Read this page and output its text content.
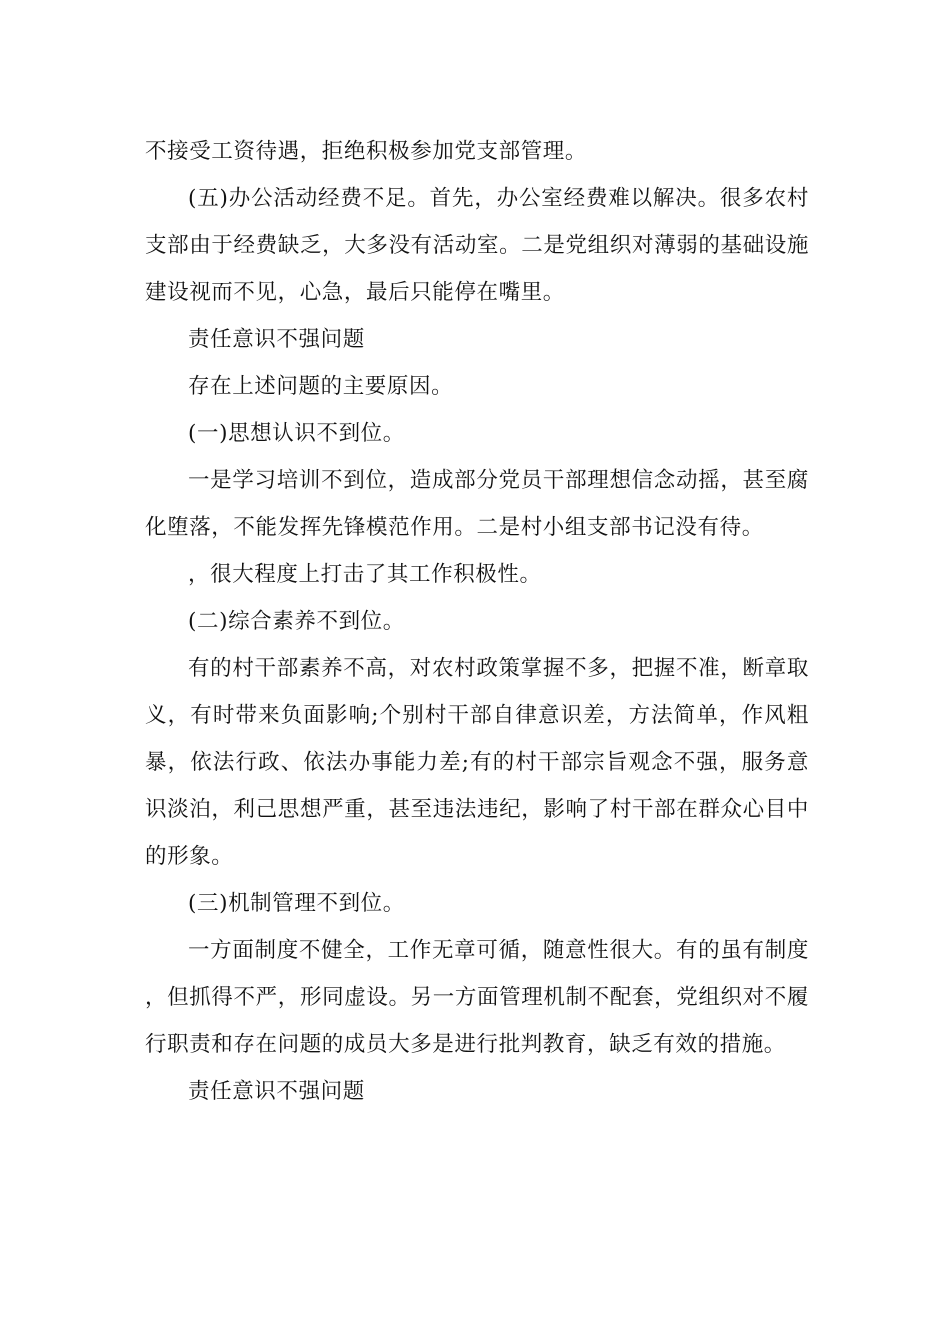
不接受工资待遇，拒绝积极参加党支部管理。

(五)办公活动经费不足。首先，办公室经费难以解决。很多农村支部由于经费缺乏，大多没有活动室。二是党组织对薄弱的基础设施建设视而不见，心急，最后只能停在嘴里。

责任意识不强问题

存在上述问题的主要原因。

(一)思想认识不到位。

一是学习培训不到位，造成部分党员干部理想信念动摇，甚至腐化堕落，不能发挥先锋模范作用。二是村小组支部书记没有待。

，很大程度上打击了其工作积极性。

(二)综合素养不到位。

有的村干部素养不高，对农村政策掌握不多，把握不准，断章取义，有时带来负面影响;个别村干部自律意识差，方法简单，作风粗暴，依法行政、依法办事能力差;有的村干部宗旨观念不强，服务意识淡泊，利己思想严重，甚至违法违纪，影响了村干部在群众心目中的形象。

(三)机制管理不到位。

一方面制度不健全，工作无章可循，随意性很大。有的虽有制度，但抓得不严，形同虚设。另一方面管理机制不配套，党组织对不履行职责和存在问题的成员大多是进行批判教育，缺乏有效的措施。

责任意识不强问题
